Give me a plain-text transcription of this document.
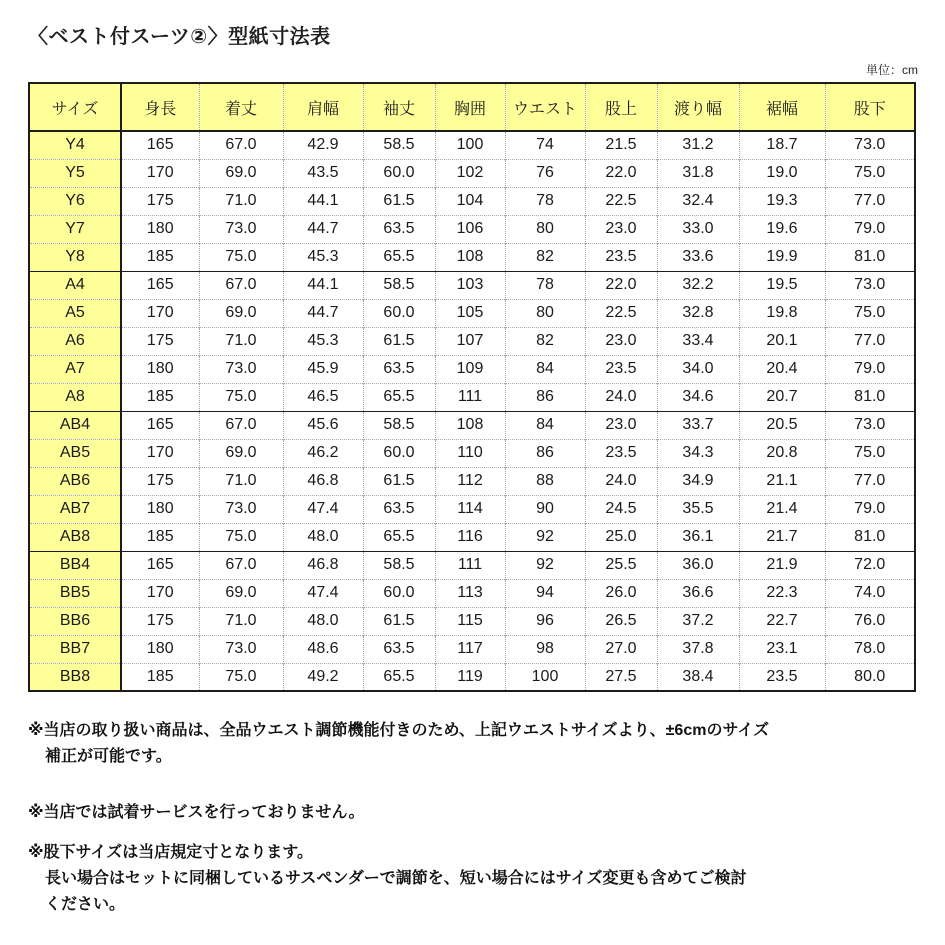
〈ベスト付スーツ②〉型紙寸法表
単位：cm
サイズ	身長	着丈	肩幅	袖丈	胸囲	ウエスト	股上	渡り幅	裾幅	股下
Y4	165	67.0	42.9	58.5	100	74	21.5	31.2	18.7	73.0
Y5	170	69.0	43.5	60.0	102	76	22.0	31.8	19.0	75.0
Y6	175	71.0	44.1	61.5	104	78	22.5	32.4	19.3	77.0
Y7	180	73.0	44.7	63.5	106	80	23.0	33.0	19.6	79.0
Y8	185	75.0	45.3	65.5	108	82	23.5	33.6	19.9	81.0
A4	165	67.0	44.1	58.5	103	78	22.0	32.2	19.5	73.0
A5	170	69.0	44.7	60.0	105	80	22.5	32.8	19.8	75.0
A6	175	71.0	45.3	61.5	107	82	23.0	33.4	20.1	77.0
A7	180	73.0	45.9	63.5	109	84	23.5	34.0	20.4	79.0
A8	185	75.0	46.5	65.5	111	86	24.0	34.6	20.7	81.0
AB4	165	67.0	45.6	58.5	108	84	23.0	33.7	20.5	73.0
AB5	170	69.0	46.2	60.0	110	86	23.5	34.3	20.8	75.0
AB6	175	71.0	46.8	61.5	112	88	24.0	34.9	21.1	77.0
AB7	180	73.0	47.4	63.5	114	90	24.5	35.5	21.4	79.0
AB8	185	75.0	48.0	65.5	116	92	25.0	36.1	21.7	81.0
BB4	165	67.0	46.8	58.5	111	92	25.5	36.0	21.9	72.0
BB5	170	69.0	47.4	60.0	113	94	26.0	36.6	22.3	74.0
BB6	175	71.0	48.0	61.5	115	96	26.5	37.2	22.7	76.0
BB7	180	73.0	48.6	63.5	117	98	27.0	37.8	23.1	78.0
BB8	185	75.0	49.2	65.5	119	100	27.5	38.4	23.5	80.0
※当店の取り扱い商品は、全品ウエスト調節機能付きのため、上記ウエストサイズより、±6cmのサイズ
補正が可能です。
※当店では試着サービスを行っておりません。
※股下サイズは当店規定寸となります。
長い場合はセットに同梱しているサスペンダーで調節を、短い場合にはサイズ変更も含めてご検討
ください。
